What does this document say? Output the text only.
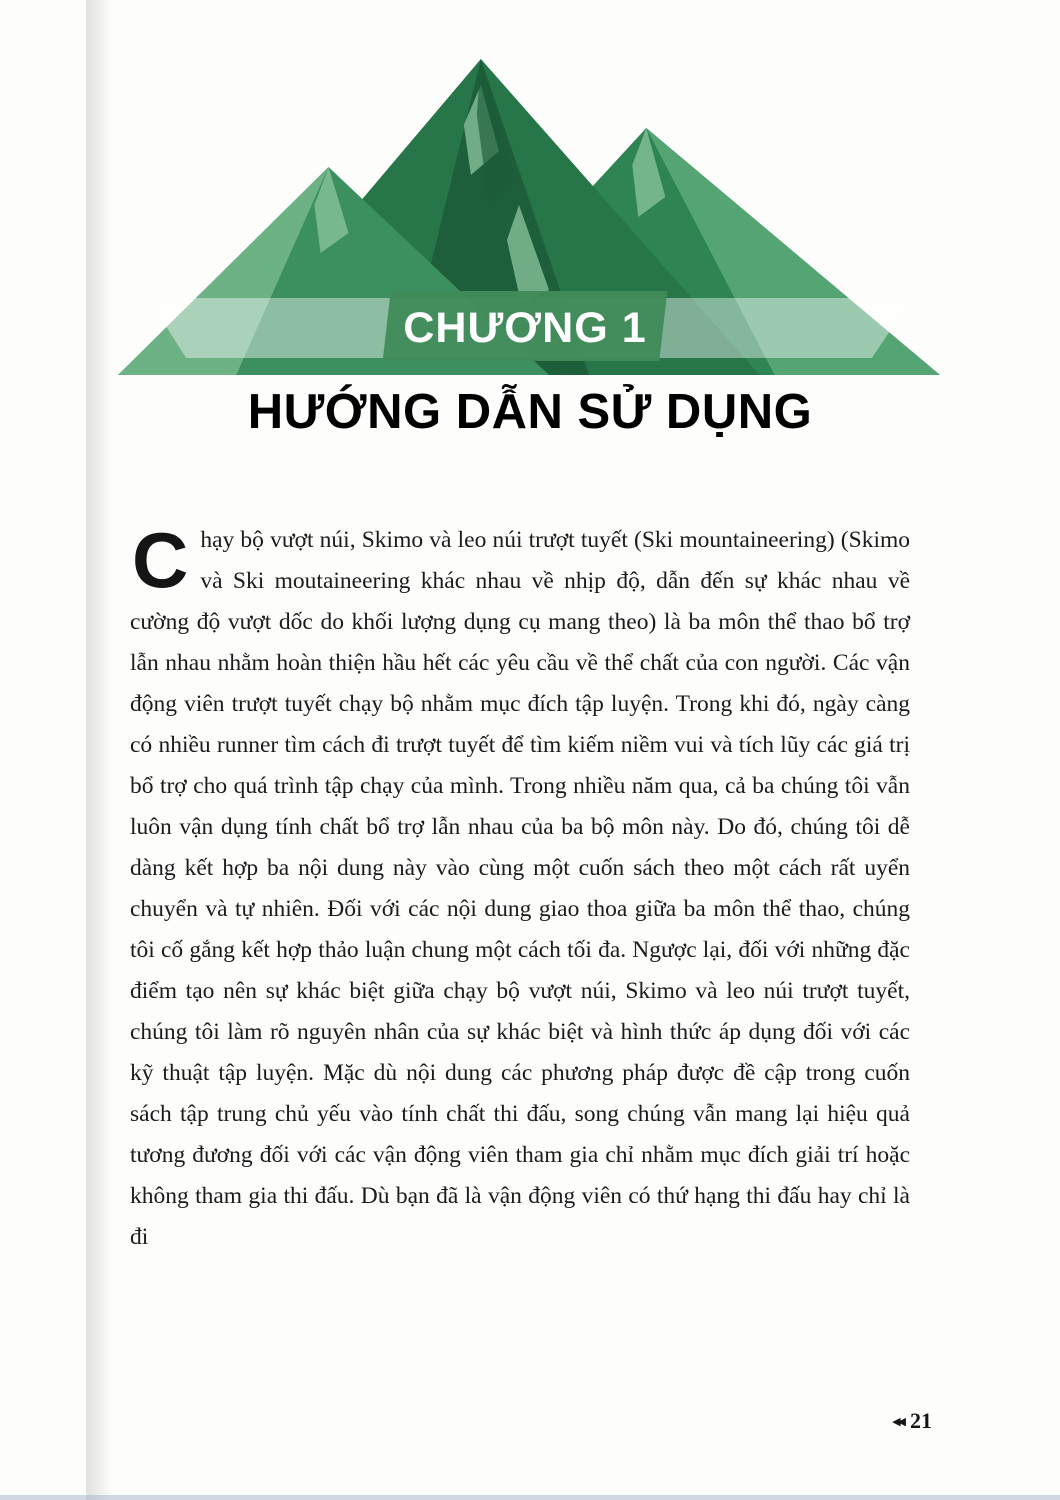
CHƯƠNG 1
HƯỚNG DẪN SỬ DỤNG

Chạy bộ vượt núi, Skimo và leo núi trượt tuyết (Ski mountaineering) (Skimo và Ski moutaineering khác nhau về nhịp độ, dẫn đến sự khác nhau về cường độ vượt dốc do khối lượng dụng cụ mang theo) là ba môn thể thao bổ trợ lẫn nhau nhằm hoàn thiện hầu hết các yêu cầu về thể chất của con người. Các vận động viên trượt tuyết chạy bộ nhằm mục đích tập luyện. Trong khi đó, ngày càng có nhiều runner tìm cách đi trượt tuyết để tìm kiếm niềm vui và tích lũy các giá trị bổ trợ cho quá trình tập chạy của mình. Trong nhiều năm qua, cả ba chúng tôi vẫn luôn vận dụng tính chất bổ trợ lẫn nhau của ba bộ môn này. Do đó, chúng tôi dễ dàng kết hợp ba nội dung này vào cùng một cuốn sách theo một cách rất uyển chuyển và tự nhiên. Đối với các nội dung giao thoa giữa ba môn thể thao, chúng tôi cố gắng kết hợp thảo luận chung một cách tối đa. Ngược lại, đối với những đặc điểm tạo nên sự khác biệt giữa chạy bộ vượt núi, Skimo và leo núi trượt tuyết, chúng tôi làm rõ nguyên nhân của sự khác biệt và hình thức áp dụng đối với các kỹ thuật tập luyện. Mặc dù nội dung các phương pháp được đề cập trong cuốn sách tập trung chủ yếu vào tính chất thi đấu, song chúng vẫn mang lại hiệu quả tương đương đối với các vận động viên tham gia chỉ nhằm mục đích giải trí hoặc không tham gia thi đấu. Dù bạn đã là vận động viên có thứ hạng thi đấu hay chỉ là đi

◀◀ 21
